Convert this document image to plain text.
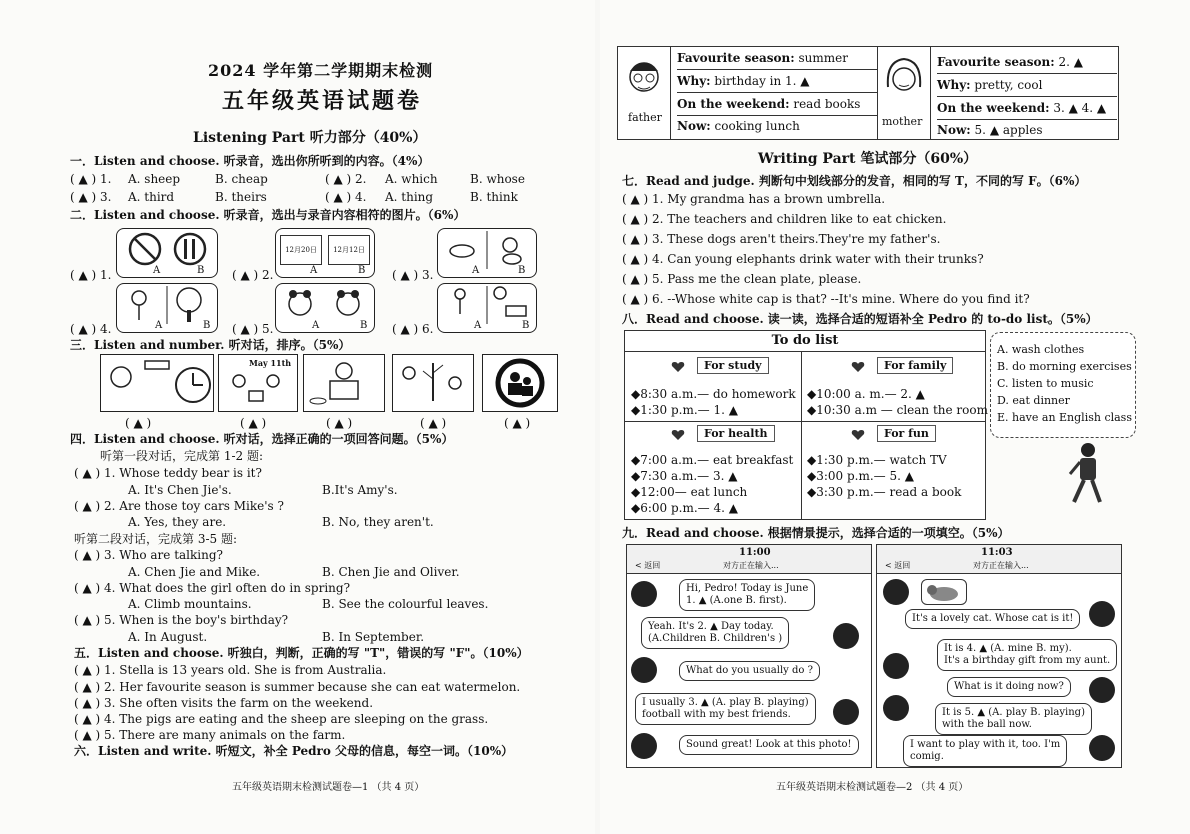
2024 学年第二学期期末检测
五年级英语试题卷
Listening Part 听力部分（40%）
一．Listen and choose. 听录音，选出你所听到的内容。（4%）
( ▲ ) 1. A. sheep	B. cheap	( ▲ ) 2. A. which	B. whose
( ▲ ) 3. A. third	B. theirs	( ▲ ) 4. A. thing	B. think
二．Listen and choose. 听录音，选出与录音内容相符的图片。（6%）
( ▲ ) 1.	( ▲ ) 2.	( ▲ ) 3.
( ▲ ) 4.	( ▲ ) 5.	( ▲ ) 6.
A	B
12月20日	12月12日
A	B	A	B
A	B	A	B	A	B
三．Listen and number. 听对话，排序。（5%）
May 11th
( ▲ )	( ▲ )	( ▲ )	( ▲ )	( ▲ )
四．Listen and choose. 听对话，选择正确的一项回答问题。（5%）
听第一段对话，完成第 1-2 题:
( ▲ ) 1. Whose teddy bear is it?
A. It's Chen Jie's.	B.It's Amy's.
( ▲ ) 2. Are those toy cars Mike's ?
A. Yes, they are.	B. No, they aren't.
听第二段对话，完成第 3-5 题:
( ▲ ) 3. Who are talking?
A. Chen Jie and Mike.	B. Chen Jie and Oliver.
( ▲ ) 4. What does the girl often do in spring?
A. Climb mountains.	B. See the colourful leaves.
( ▲ ) 5. When is the boy's birthday?
A. In August.	B. In September.
五．Listen and choose. 听独白，判断，正确的写 "T"，错误的写 "F"。（10%）
( ▲ ) 1. Stella is 13 years old. She is from Australia.
( ▲ ) 2. Her favourite season is summer because she can eat watermelon.
( ▲ ) 3. She often visits the farm on the weekend.
( ▲ ) 4. The pigs are eating and the sheep are sleeping on the grass.
( ▲ ) 5. There are many animals on the farm.
六．Listen and write. 听短文，补全 Pedro 父母的信息，每空一词。（10%）
五年级英语期末检测试题卷—1 （共 4 页）
father
Favourite season: summer
Why: birthday in 1. ▲
On the weekend: read books
Now: cooking lunch	mother
Favourite season: 2. ▲
Why: pretty, cool
On the weekend: 3. ▲ 4. ▲
Now: 5. ▲ apples
Writing Part 笔试部分（60%）
七．Read and judge. 判断句中划线部分的发音，相同的写 T，不同的写 F。（6%）
( ▲ ) 1. My grandma has a brown umbrella.
( ▲ ) 2. The teachers and children like to eat chicken.
( ▲ ) 3. These dogs aren't theirs.They're my father's.
( ▲ ) 4. Can young elephants drink water with their trunks?
( ▲ ) 5. Pass me the clean plate, please.
( ▲ ) 6. --Whose white cap is that? --It's mine. Where do you find it?
八．Read and choose. 读一读，选择合适的短语补全 Pedro 的 to-do list。（5%）
To do list
For study
◆8:30 a.m.— do homework
◆1:30 p.m.— 1. ▲
For family
◆10:00 a. m.— 2. ▲
◆10:30 a.m — clean the room
For health
◆7:00 a.m.— eat breakfast
◆7:30 a.m.— 3. ▲
◆12:00— eat lunch
◆6:00 p.m.— 4. ▲
For fun
◆1:30 p.m.— watch TV
◆3:00 p.m.— 5. ▲
◆3:30 p.m.— read a book
A. wash clothes
B. do morning exercises
C. listen to music
D. eat dinner
E. have an English class
九．Read and choose. 根据情景提示，选择合适的一项填空。（5%）
11:00
< 返回	对方正在输入...
Hi, Pedro! Today is June
1. ▲ (A.one B. first).
Yeah. It's 2. ▲ Day today.
(A.Children B. Children's )
What do you usually do ?
I usually 3. ▲ (A. play B. playing)
football with my best friends.
Sound great! Look at this photo!
11:03
< 返回	对方正在输入...
It's a lovely cat. Whose cat is it!
It is 4. ▲ (A. mine B. my).
It's a birthday gift from my aunt.
What is it doing now?
It is 5. ▲ (A. play B. playing)
with the ball now.
I want to play with it, too. I'm
comig.
五年级英语期末检测试题卷—2 （共 4 页）
